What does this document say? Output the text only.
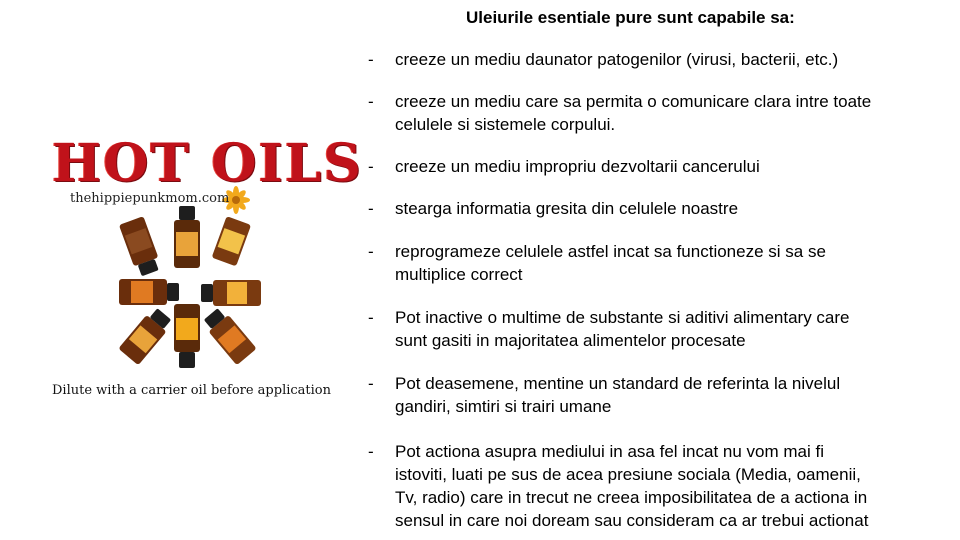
Uleiurile esentiale pure sunt capabile sa:
- creeze un mediu daunator patogenilor (virusi, bacterii, etc.)
- creeze un mediu care sa permita o comunicare clara intre toate
celulele si sistemele corpului.
- creeze un mediu impropriu dezvoltarii cancerului
- stearga informatia gresita din celulele noastre
- reprogrameze celulele astfel incat sa functioneze si sa se
multiplice correct
- Pot inactive o multime de substante si aditivi alimentary care
sunt gasiti in majoritatea alimentelor procesate
- Pot deasemene, mentine un standard de referinta la nivelul
gandiri, simtiri si trairi umane
- Pot actiona asupra mediului in asa fel incat nu vom mai fi
istoviti, luati pe sus de acea presiune sociala (Media, oamenii,
Tv, radio) care in trecut ne creea imposibilitatea de a actiona in
sensul in care noi doream sau consideram ca ar trebui actionat
HOT OILS
thehippiepunkmom.com
Dilute with a carrier oil before application
